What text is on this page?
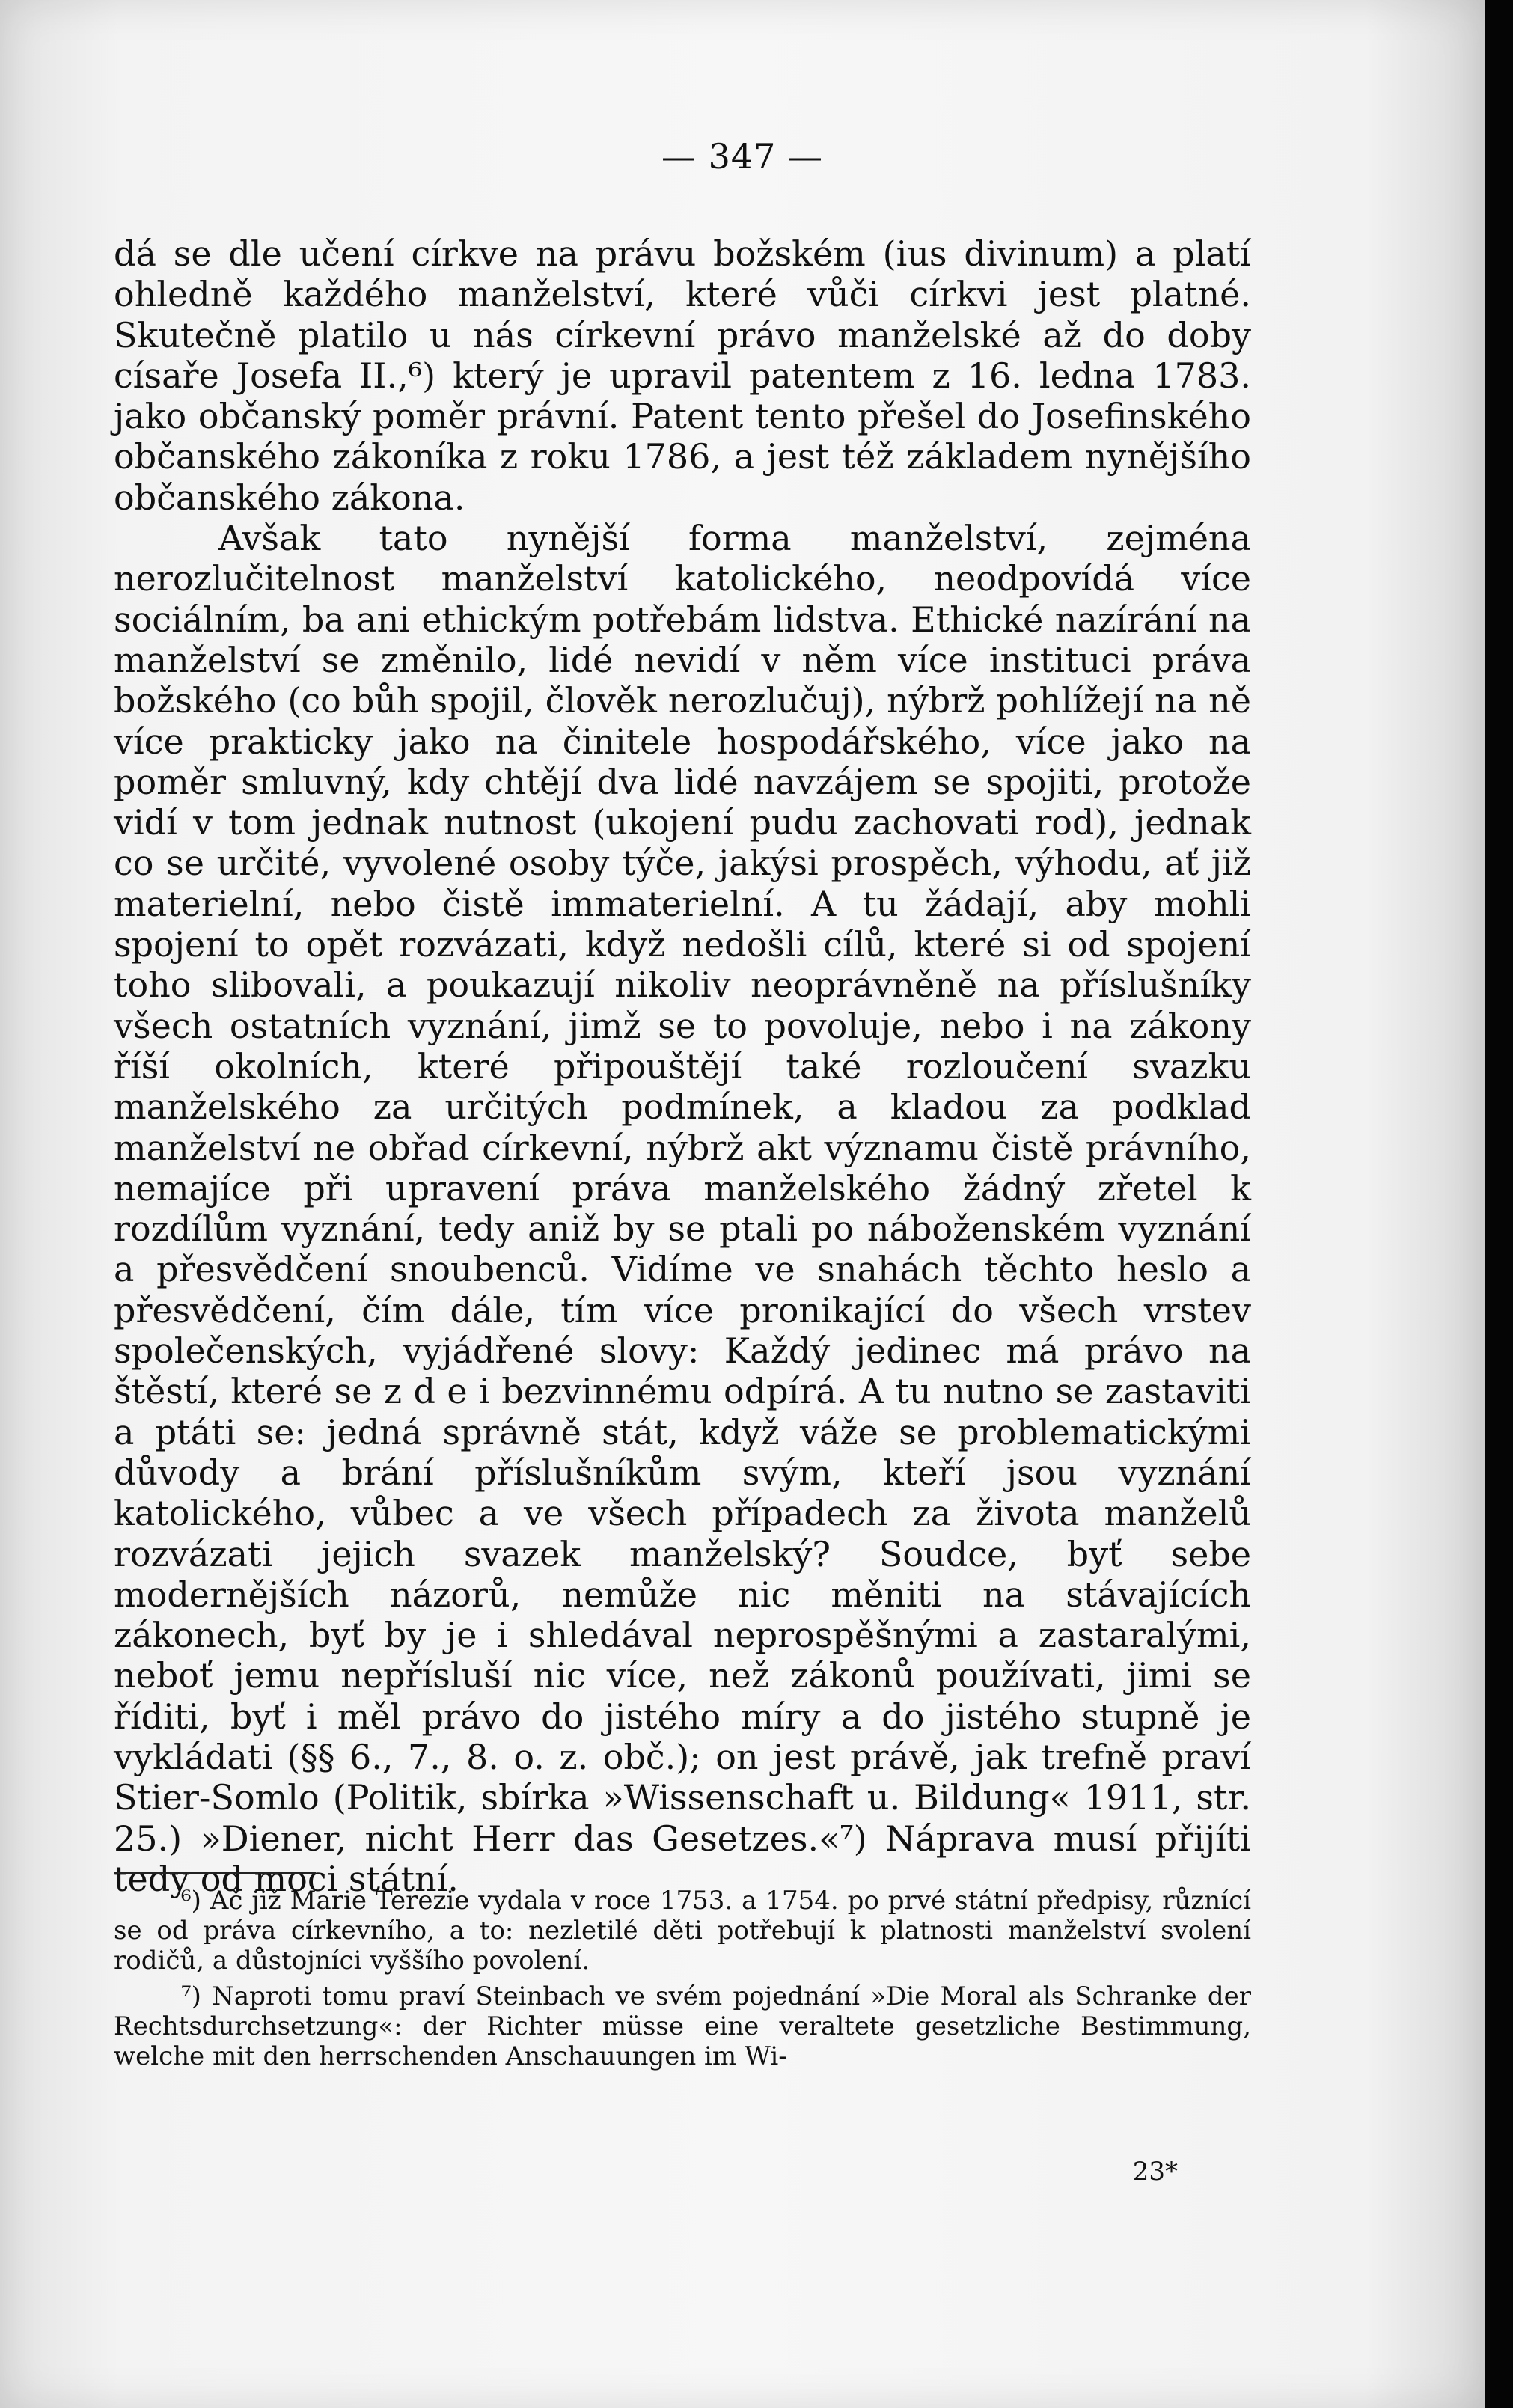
— 347 —

dá se dle učení církve na právu božském (ius divinum) a platí ohledně každého manželství, které vůči církvi jest platné. Skutečně platilo u nás církevní právo manželské až do doby císaře Josefa II.,⁶) který je upravil patentem z 16. ledna 1783. jako občanský poměr právní. Patent tento přešel do Josefinského občanského zákoníka z roku 1786, a jest též základem nynějšího občanského zákona.

Avšak tato nynější forma manželství, zejména nerozlučitelnost manželství katolického, neodpovídá více sociálním, ba ani ethickým potřebám lidstva. Ethické nazírání na manželství se změnilo, lidé nevidí v něm více instituci práva božského (co bůh spojil, člověk nerozlučuj), nýbrž pohlížejí na ně více prakticky jako na činitele hospodářského, více jako na poměr smluvný, kdy chtějí dva lidé navzájem se spojiti, protože vidí v tom jednak nutnost (ukojení pudu zachovati rod), jednak co se určité, vyvolené osoby týče, jakýsi prospěch, výhodu, ať již materielní, nebo čistě immaterielní. A tu žádají, aby mohli spojení to opět rozvázati, když nedošli cílů, které si od spojení toho slibovali, a poukazují nikoliv neoprávněně na příslušníky všech ostatních vyznání, jimž se to povoluje, nebo i na zákony říší okolních, které připouštějí také rozloučení svazku manželského za určitých podmínek, a kladou za podklad manželství ne obřad církevní, nýbrž akt významu čistě právního, nemajíce při upravení práva manželského žádný zřetel k rozdílům vyznání, tedy aniž by se ptali po náboženském vyznání a přesvědčení snoubenců. Vidíme ve snahách těchto heslo a přesvědčení, čím dále, tím více pronikající do všech vrstev společenských, vyjádřené slovy: Každý jedinec má právo na štěstí, které se z d e i bezvinnému odpírá. A tu nutno se zastaviti a ptáti se: jedná správně stát, když váže se problematickými důvody a brání příslušníkům svým, kteří jsou vyznání katolického, vůbec a ve všech případech za života manželů rozvázati jejich svazek manželský? Soudce, byť sebe modernějších názorů, nemůže nic měniti na stávajících zákonech, byť by je i shledával neprospěšnými a zastaralými, neboť jemu nepřísluší nic více, než zákonů používati, jimi se říditi, byť i měl právo do jistého míry a do jistého stupně je vykládati (§§ 6., 7., 8. o. z. obč.); on jest právě, jak trefně praví Stier-Somlo (Politik, sbírka »Wissenschaft u. Bildung« 1911, str. 25.) »Diener, nicht Herr das Gesetzes.«⁷) Náprava musí přijíti tedy od moci státní.

⁶) Ač již Marie Terezie vydala v roce 1753. a 1754. po prvé státní předpisy, různící se od práva církevního, a to: nezletilé děti potřebují k platnosti manželství svolení rodičů, a důstojníci vyššího povolení.

⁷) Naproti tomu praví Steinbach ve svém pojednání »Die Moral als Schranke der Rechtsdurchsetzung«: der Richter müsse eine veraltete gesetzliche Bestimmung, welche mit den herrschenden Anschauungen im Wi-

23*
